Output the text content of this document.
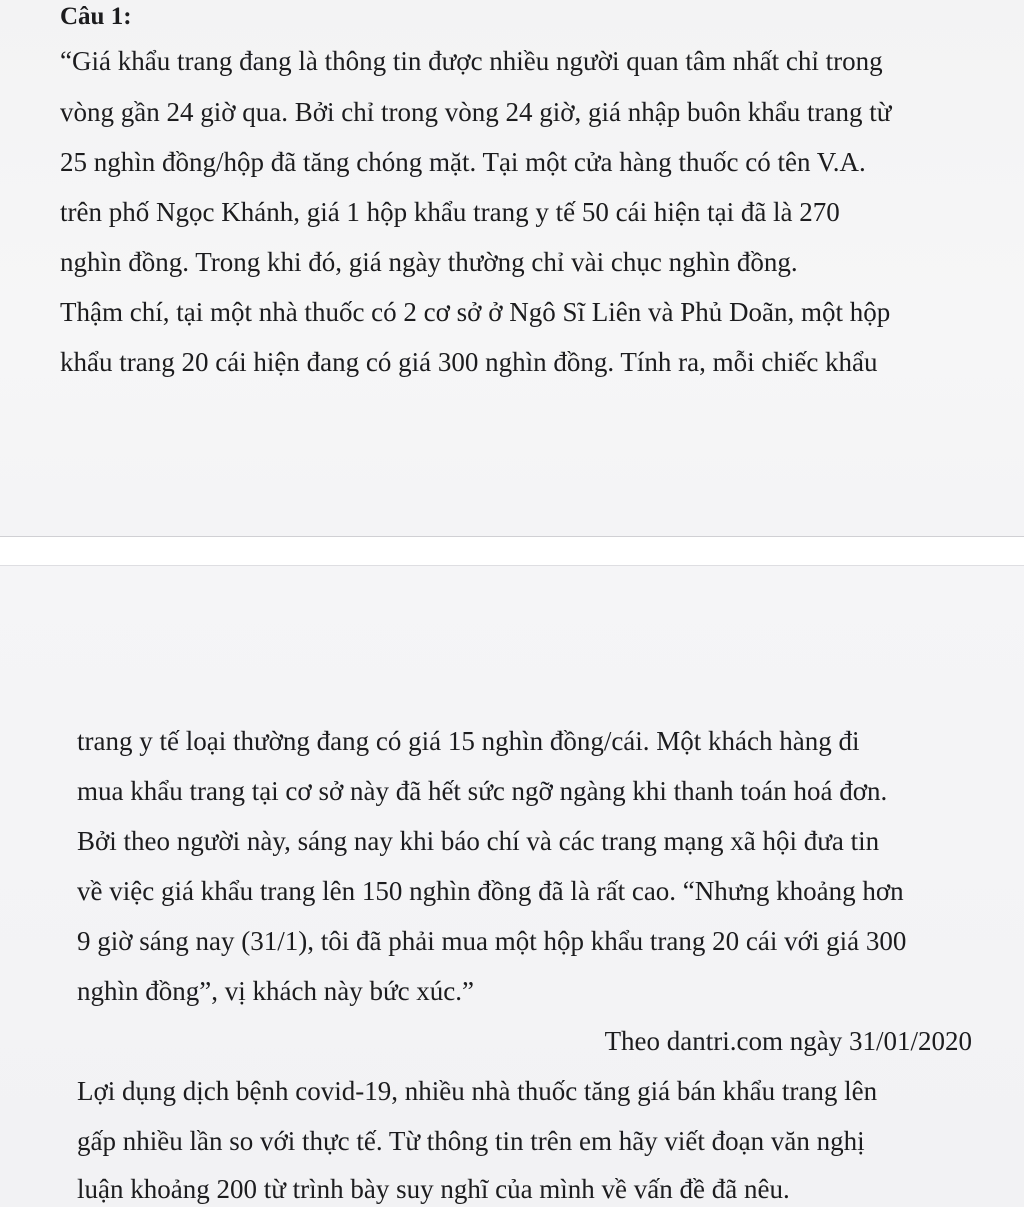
Câu 1:
“Giá khẩu trang đang là thông tin được nhiều người quan tâm nhất chỉ trong
vòng gần 24 giờ qua. Bởi chỉ trong vòng 24 giờ, giá nhập buôn khẩu trang từ
25 nghìn đồng/hộp đã tăng chóng mặt. Tại một cửa hàng thuốc có tên V.A.
trên phố Ngọc Khánh, giá 1 hộp khẩu trang y tế 50 cái hiện tại đã là 270
nghìn đồng. Trong khi đó, giá ngày thường chỉ vài chục nghìn đồng.
Thậm chí, tại một nhà thuốc có 2 cơ sở ở Ngô Sĩ Liên và Phủ Doãn, một hộp
khẩu trang 20 cái hiện đang có giá 300 nghìn đồng. Tính ra, mỗi chiếc khẩu
trang y tế loại thường đang có giá 15 nghìn đồng/cái. Một khách hàng đi
mua khẩu trang tại cơ sở này đã hết sức ngỡ ngàng khi thanh toán hoá đơn.
Bởi theo người này, sáng nay khi báo chí và các trang mạng xã hội đưa tin
về việc giá khẩu trang lên 150 nghìn đồng đã là rất cao. “Nhưng khoảng hơn
9 giờ sáng nay (31/1), tôi đã phải mua một hộp khẩu trang 20 cái với giá 300
nghìn đồng”, vị khách này bức xúc.”
Theo dantri.com ngày 31/01/2020
Lợi dụng dịch bệnh covid-19, nhiều nhà thuốc tăng giá bán khẩu trang lên
gấp nhiều lần so với thực tế. Từ thông tin trên em hãy viết đoạn văn nghị
luận khoảng 200 từ trình bày suy nghĩ của mình về vấn đề đã nêu.
